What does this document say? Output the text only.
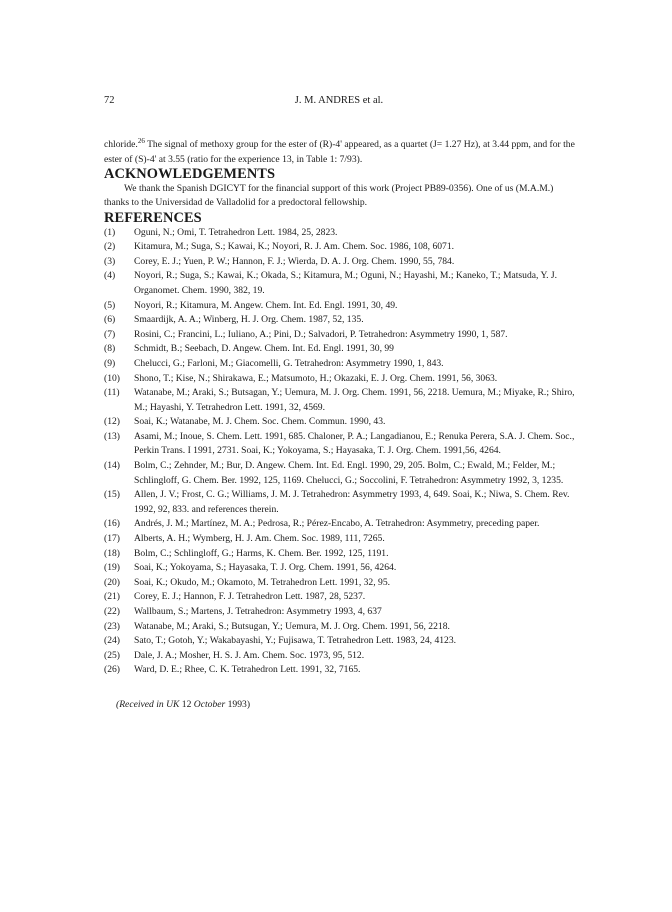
72	J. M. ANDRES et al.

chloride.$^{26}$ The signal of methoxy group for the ester of (R)-4' appeared, as a quartet (J= 1.27 Hz), at 3.44 ppm, and for the ester of (S)-4' at 3.55 (ratio for the experience 13, in Table 1: 7/93).

ACKNOWLEDGEMENTS

We thank the Spanish DGICYT for the financial support of this work (Project PB89-0356). One of us (M.A.M.) thanks to the Universidad de Valladolid for a predoctoral fellowship.

REFERENCES
(1) Oguni, N.; Omi, T. Tetrahedron Lett. 1984, 25, 2823.
(2) Kitamura, M.; Suga, S.; Kawai, K.; Noyori, R. J. Am. Chem. Soc. 1986, 108, 6071.
(3) Corey, E. J.; Yuen, P. W.; Hannon, F. J.; Wierda, D. A. J. Org. Chem. 1990, 55, 784.
(4) Noyori, R.; Suga, S.; Kawai, K.; Okada, S.; Kitamura, M.; Oguni, N.; Hayashi, M.; Kaneko, T.; Matsuda, Y. J. Organomet. Chem. 1990, 382, 19.
(5) Noyori, R.; Kitamura, M. Angew. Chem. Int. Ed. Engl. 1991, 30, 49.
(6) Smaardijk, A. A.; Winberg, H. J. Org. Chem. 1987, 52, 135.
(7) Rosini, C.; Francini, L.; Iuliano, A.; Pini, D.; Salvadori, P. Tetrahedron: Asymmetry 1990, 1, 587.
(8) Schmidt, B.; Seebach, D. Angew. Chem. Int. Ed. Engl. 1991, 30, 99
(9) Chelucci, G.; Farloni, M.; Giacomelli, G. Tetrahedron: Asymmetry 1990, 1, 843.
(10) Shono, T.; Kise, N.; Shirakawa, E.; Matsumoto, H.; Okazaki, E. J. Org. Chem. 1991, 56, 3063.
(11) Watanabe, M.; Araki, S.; Butsagan, Y.; Uemura, M. J. Org. Chem. 1991, 56, 2218. Uemura, M.; Miyake, R.; Shiro, M.; Hayashi, Y. Tetrahedron Lett. 1991, 32, 4569.
(12) Soai, K.; Watanabe, M. J. Chem. Soc. Chem. Commun. 1990, 43.
(13) Asami, M.; Inoue, S. Chem. Lett. 1991, 685. Chaloner, P. A.; Langadianou, E.; Renuka Perera, S.A. J. Chem. Soc., Perkin Trans. I 1991, 2731. Soai, K.; Yokoyama, S.; Hayasaka, T. J. Org. Chem. 1991,56, 4264.
(14) Bolm, C.; Zehnder, M.; Bur, D. Angew. Chem. Int. Ed. Engl. 1990, 29, 205. Bolm, C.; Ewald, M.; Felder, M.; Schlingloff, G. Chem. Ber. 1992, 125, 1169. Chelucci, G.; Soccolini, F. Tetrahedron: Asymmetry 1992, 3, 1235.
(15) Allen, J. V.; Frost, C. G.; Williams, J. M. J. Tetrahedron: Asymmetry 1993, 4, 649. Soai, K.; Niwa, S. Chem. Rev. 1992, 92, 833. and references therein.
(16) Andrés, J. M.; Martínez, M. A.; Pedrosa, R.; Pérez-Encabo, A. Tetrahedron: Asymmetry, preceding paper.
(17) Alberts, A. H.; Wymberg, H. J. Am. Chem. Soc. 1989, 111, 7265.
(18) Bolm, C.; Schlingloff, G.; Harms, K. Chem. Ber. 1992, 125, 1191.
(19) Soai, K.; Yokoyama, S.; Hayasaka, T. J. Org. Chem. 1991, 56, 4264.
(20) Soai, K.; Okudo, M.; Okamoto, M. Tetrahedron Lett. 1991, 32, 95.
(21) Corey, E. J.; Hannon, F. J. Tetrahedron Lett. 1987, 28, 5237.
(22) Wallbaum, S.; Martens, J. Tetrahedron: Asymmetry 1993, 4, 637
(23) Watanabe, M.; Araki, S.; Butsugan, Y.; Uemura, M. J. Org. Chem. 1991, 56, 2218.
(24) Sato, T.; Gotoh, Y.; Wakabayashi, Y.; Fujisawa, T. Tetrahedron Lett. 1983, 24, 4123.
(25) Dale, J. A.; Mosher, H. S. J. Am. Chem. Soc. 1973, 95, 512.
(26) Ward, D. E.; Rhee, C. K. Tetrahedron Lett. 1991, 32, 7165.
(Received in UK 12 October 1993)
